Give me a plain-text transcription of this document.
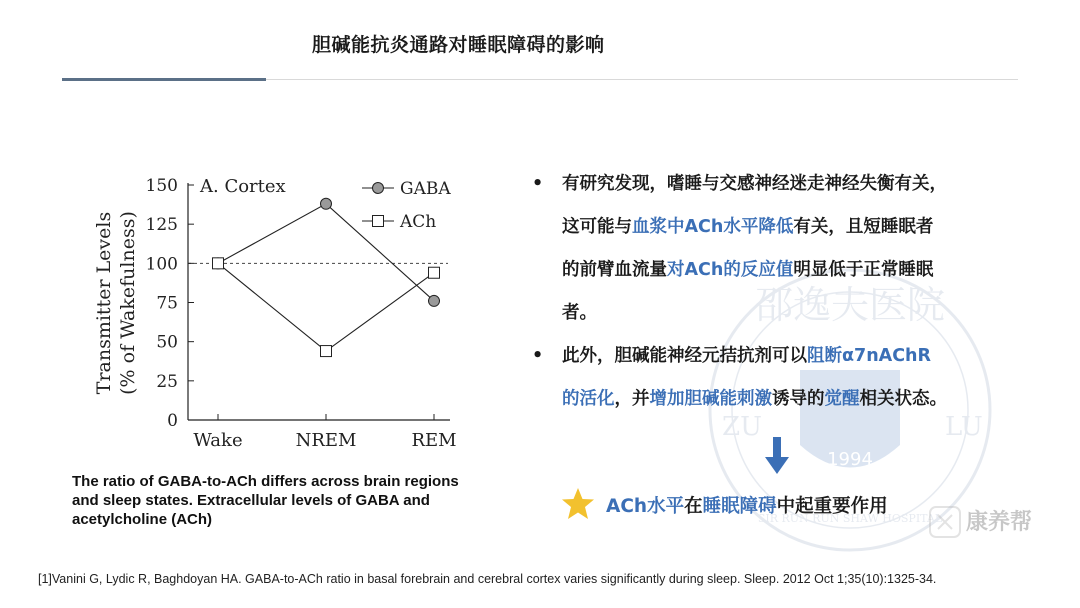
胆碱能抗炎通路对睡眠障碍的影响
邵逸夫医院
1994
ZU	LU
SIR RUN RUN SHAW HOSPITAL
Transmitter Levels (% of Wakefulness)
150
125
100
75
50
25
0
Wake	NREM	REM
A. Cortex	GABA
ACh
The ratio of GABA-to-ACh differs across brain regions
and sleep states. Extracellular levels of GABA and
acetylcholine (ACh)
• 有研究发现，嗜睡与交感神经迷走神经失衡有关，
这可能与血浆中ACh水平降低有关，且短睡眠者
的前臂血流量对ACh的反应值明显低于正常睡眠
者。
• 此外，胆碱能神经元拮抗剂可以阻断α7nAChR
的活化，并增加胆碱能刺激诱导的觉醒相关状态。
ACh水平在睡眠障碍中起重要作用
康养帮
[1]Vanini G, Lydic R, Baghdoyan HA. GABA-to-ACh ratio in basal forebrain and cerebral cortex varies significantly during sleep. Sleep. 2012 Oct 1;35(10):1325-34.
